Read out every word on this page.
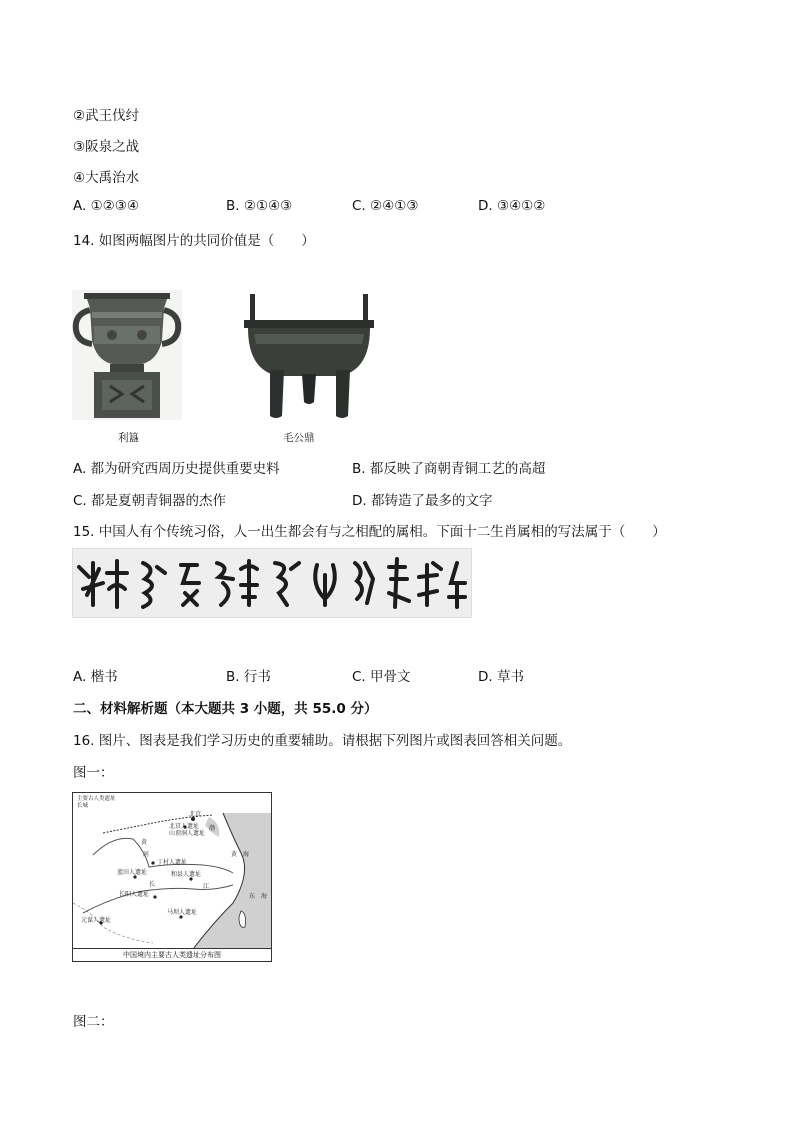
②武王伐纣
③阪泉之战
④大禹治水
A. ①②③④	B. ②①④③	C. ②④①③	D. ③④①②
14. 如图两幅图片的共同价值是（　　）
利簋	毛公鼎
A. 都为研究西周历史提供重要史料	B. 都反映了商朝青铜工艺的高超
C. 都是夏朝青铜器的杰作	D. 都铸造了最多的文字
15. 中国人有个传统习俗，人一出生都会有与之相配的属相。下面十二生肖属相的写法属于（　　）
A. 楷书	B. 行书	C. 甲骨文	D. 草书
二、材料解析题（本大题共 3 小题，共 55.0 分）
16. 图片、图表是我们学习历史的重要辅助。请根据下列图片或图表回答相关问题。
图一：
主要古人类遗址
长城
北京
北京人遗址
山顶洞人遗址
渤
黄
河
丁村人遗址
黄　海
蓝田人遗址	和县人遗址
长	江
长阳人遗址	东　海
马坝人遗址
元谋人遗址
中国境内主要古人类遗址分布图
图二：
